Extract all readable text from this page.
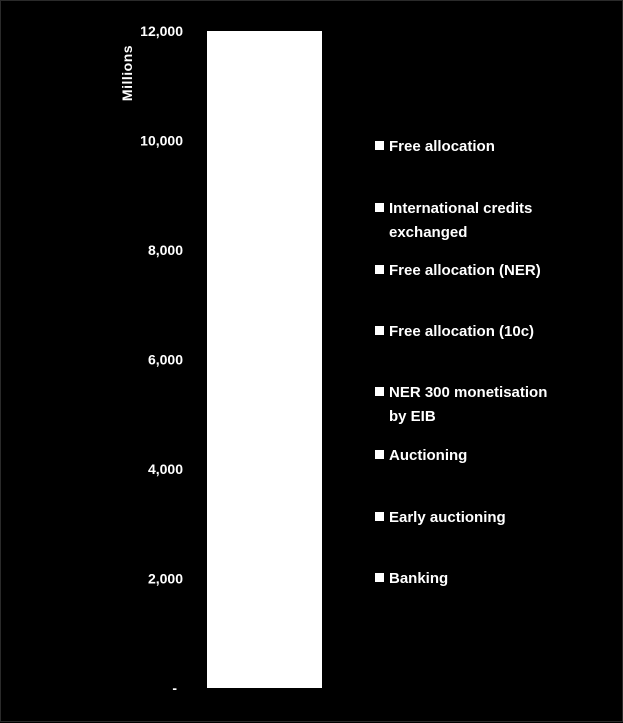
-
2,000
4,000
6,000
8,000
10,000
12,000
Millions
Free allocation
International credits exchanged
Free allocation (NER)
Free allocation (10c)
NER 300 monetisation by EIB
Auctioning
Early auctioning
Banking
